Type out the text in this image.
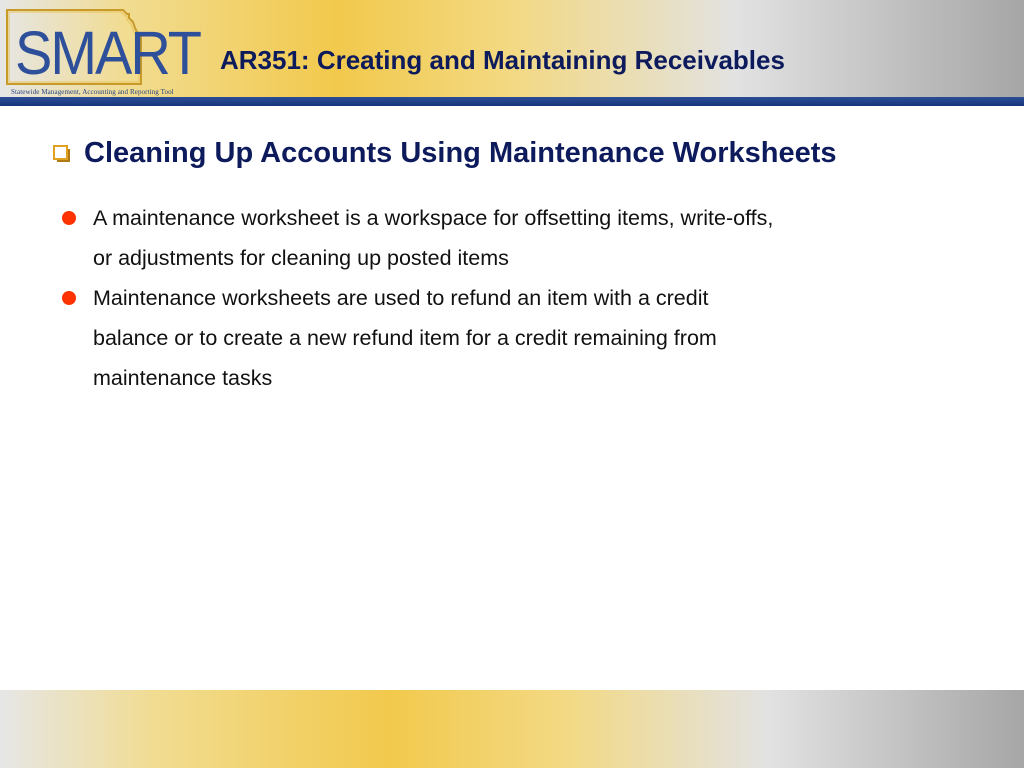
SMART
Statewide Management, Accounting and Reporting Tool
AR351: Creating and Maintaining Receivables
Cleaning Up Accounts Using Maintenance Worksheets
A maintenance worksheet is a workspace for offsetting items, write-offs,
or adjustments for cleaning up posted items
Maintenance worksheets are used to refund an item with a credit
balance or to create a new refund item for a credit remaining from
maintenance tasks
